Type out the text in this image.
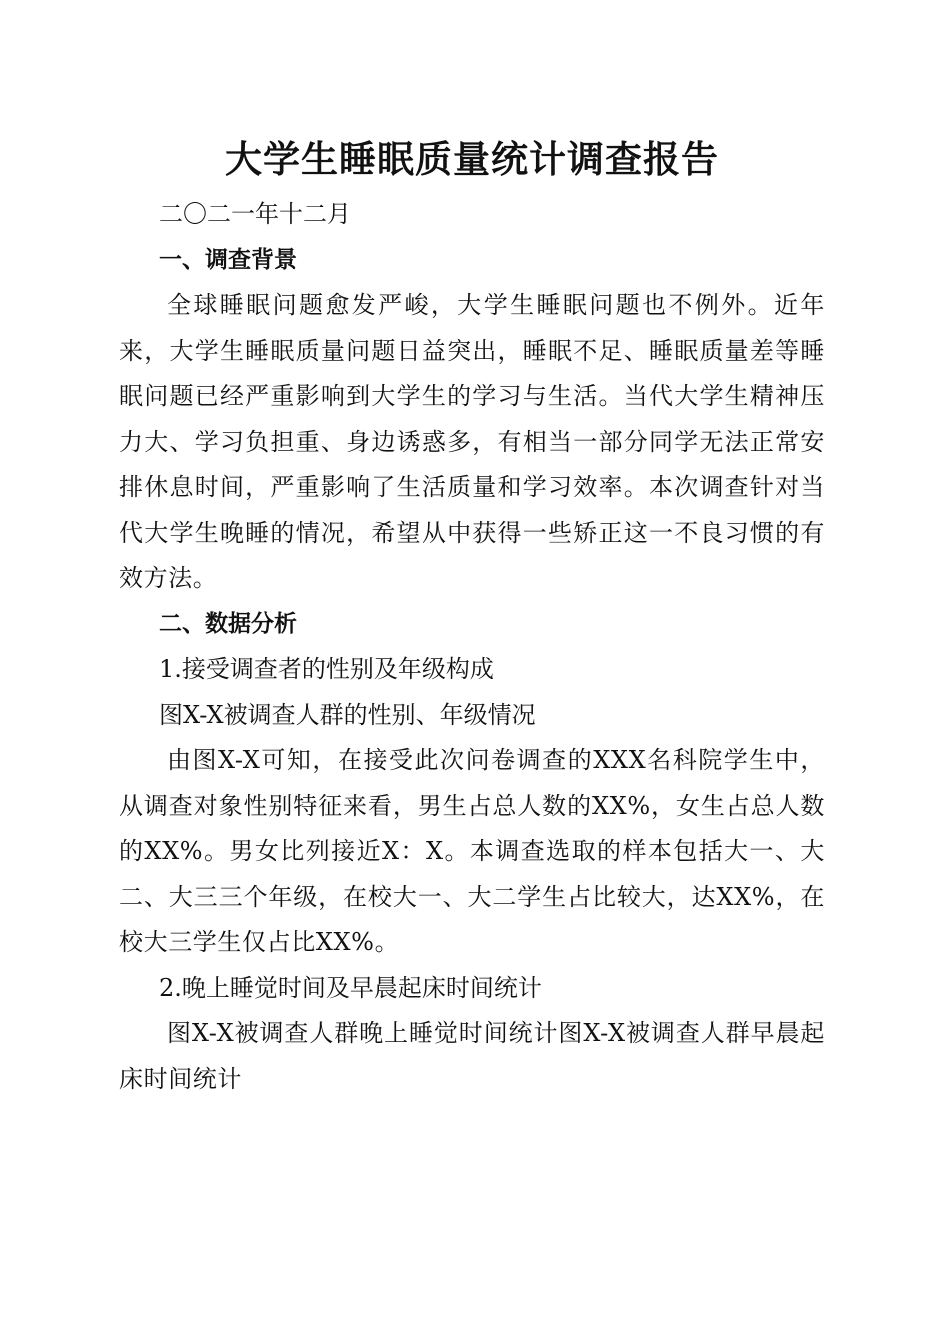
大学生睡眠质量统计调查报告

二〇二一年十二月

一、调查背景

全球睡眠问题愈发严峻，大学生睡眠问题也不例外。近年来，大学生睡眠质量问题日益突出，睡眠不足、睡眠质量差等睡眠问题已经严重影响到大学生的学习与生活。当代大学生精神压力大、学习负担重、身边诱惑多，有相当一部分同学无法正常安排休息时间，严重影响了生活质量和学习效率。本次调查针对当代大学生晚睡的情况，希望从中获得一些矫正这一不良习惯的有效方法。

二、数据分析

1.接受调查者的性别及年级构成

图X-X被调查人群的性别、年级情况

由图X-X可知，在接受此次问卷调查的XXX名科院学生中，从调查对象性别特征来看，男生占总人数的XX%，女生占总人数的XX%。男女比列接近X：X。本调查选取的样本包括大一、大二、大三三个年级，在校大一、大二学生占比较大，达XX%，在校大三学生仅占比XX%。

2.晚上睡觉时间及早晨起床时间统计

图X-X被调查人群晚上睡觉时间统计图X-X被调查人群早晨起床时间统计
